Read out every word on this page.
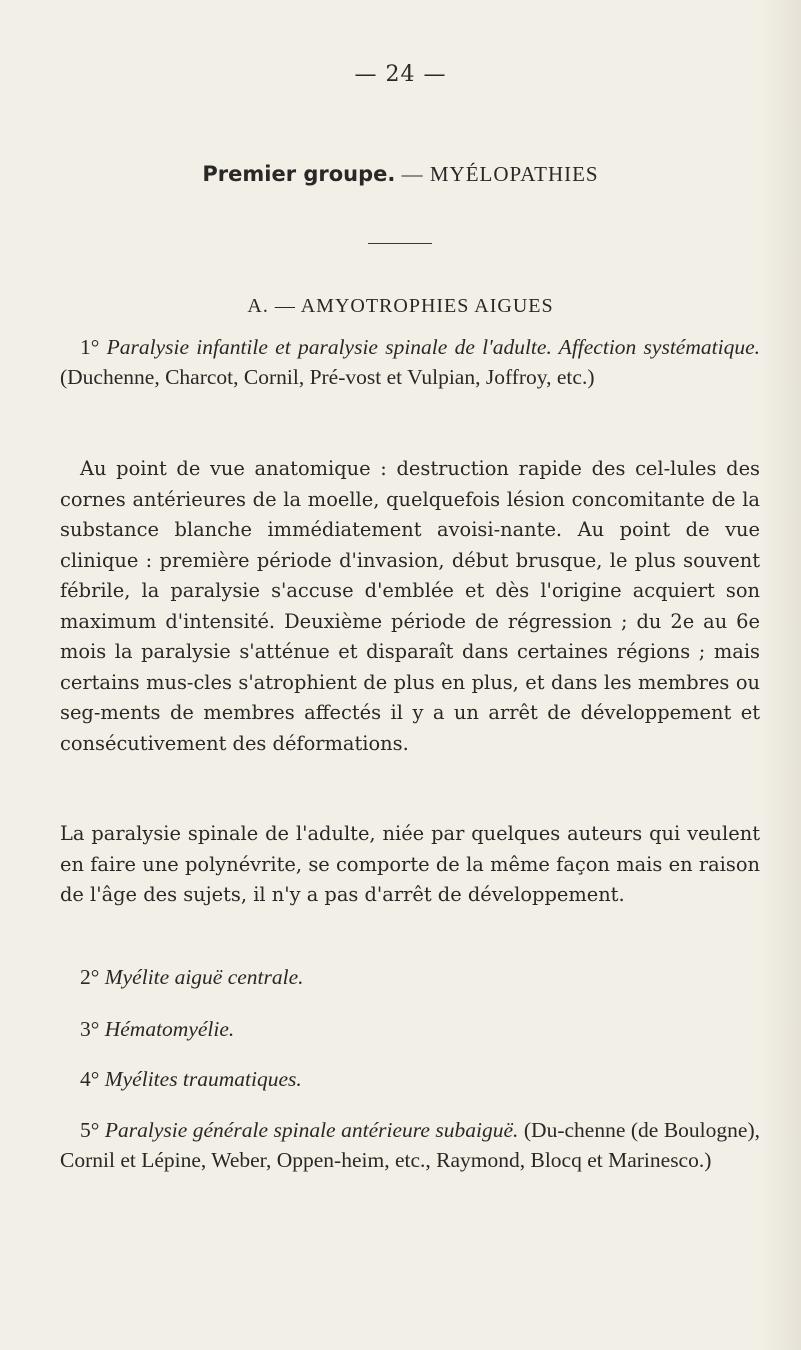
— 24 —
Premier groupe. — MYÉLOPATHIES
A. — AMYOTROPHIES AIGUES
1° Paralysie infantile et paralysie spinale de l'adulte. Affection systématique. (Duchenne, Charcot, Cornil, Pré-vost et Vulpian, Joffroy, etc.)
Au point de vue anatomique : destruction rapide des cel-lules des cornes antérieures de la moelle, quelquefois lésion concomitante de la substance blanche immédiatement avoisi-nante. Au point de vue clinique : première période d'invasion, début brusque, le plus souvent fébrile, la paralysie s'accuse d'emblée et dès l'origine acquiert son maximum d'intensité. Deuxième période de régression ; du 2e au 6e mois la paralysie s'atténue et disparaît dans certaines régions ; mais certains mus-cles s'atrophient de plus en plus, et dans les membres ou seg-ments de membres affectés il y a un arrêt de développement et consécutivement des déformations.
La paralysie spinale de l'adulte, niée par quelques auteurs qui veulent en faire une polynévrite, se comporte de la même façon mais en raison de l'âge des sujets, il n'y a pas d'arrêt de développement.
2° Myélite aiguë centrale.
3° Hématomyélie.
4° Myélites traumatiques.
5° Paralysie générale spinale antérieure subaiguë. (Du-chenne (de Boulogne), Cornil et Lépine, Weber, Oppen-heim, etc., Raymond, Blocq et Marinesco.)
